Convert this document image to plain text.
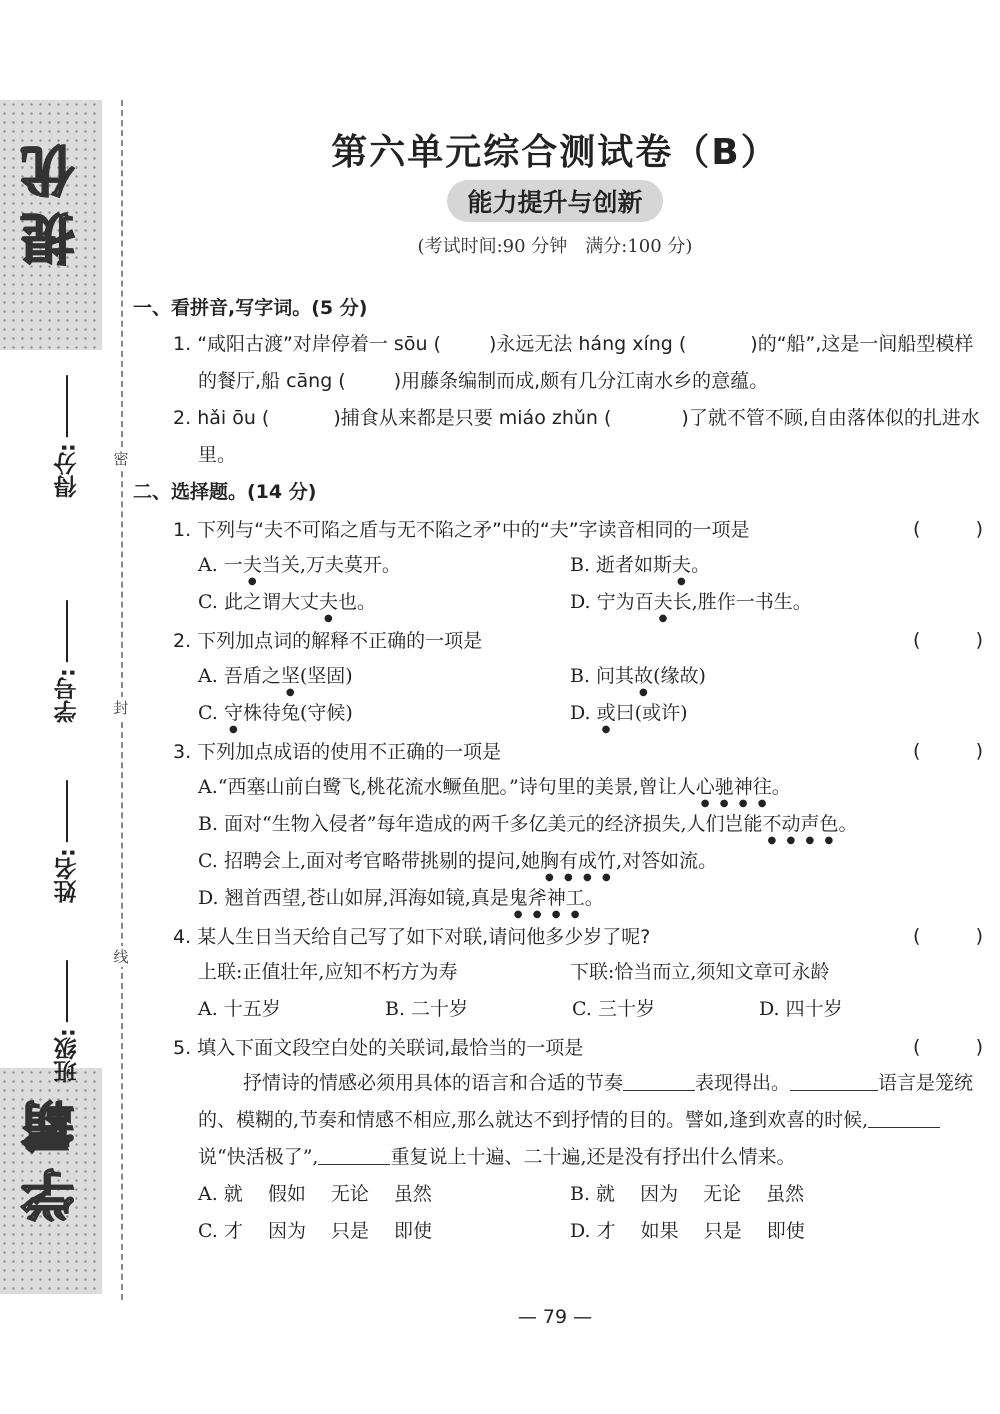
提优
学霸
得分:
学号:
姓名:
班级:
密
封
线
第六单元综合测试卷（B）
能力提升与创新
(考试时间:90 分钟　满分:100 分)
一、看拼音,写字词。(5 分)
1. “咸阳古渡”对岸停着一 sōu (	)永远无法 háng xíng (	)的“船”,这是一间船型模样的餐厅,船 cāng (	)用藤条编制而成,颇有几分江南水乡的意蕴。
2. hǎi ōu (	)捕食从来都是只要 miáo zhǔn (	)了就不管不顾,自由落体似的扎进水里。
二、选择题。(14 分)
1. 下列与“夫不可陷之盾与无不陷之矛”中的“夫”字读音相同的一项是	(	)
A. 一夫当关,万夫莫开。	B. 逝者如斯夫。
C. 此之谓大丈夫也。	D. 宁为百夫长,胜作一书生。
2. 下列加点词的解释不正确的一项是	(	)
A. 吾盾之坚(坚固)	B. 问其故(缘故)
C. 守株待兔(守候)	D. 或曰(或许)
3. 下列加点成语的使用不正确的一项是	(	)
A.“西塞山前白鹭飞,桃花流水鳜鱼肥。”诗句里的美景,曾让人心驰神往。
B. 面对“生物入侵者”每年造成的两千多亿美元的经济损失,人们岂能不动声色。
C. 招聘会上,面对考官略带挑剔的提问,她胸有成竹,对答如流。
D. 翘首西望,苍山如屏,洱海如镜,真是鬼斧神工。
4. 某人生日当天给自己写了如下对联,请问他多少岁了呢?	(	)
上联:正值壮年,应知不朽方为寿	下联:恰当而立,须知文章可永龄
A. 十五岁	B. 二十岁	C. 三十岁	D. 四十岁
5. 填入下面文段空白处的关联词,最恰当的一项是	(	)
抒情诗的情感必须用具体的语言和合适的节奏	表现得出。	语言是笼统的、模糊的,节奏和情感不相应,那么就达不到抒情的目的。譬如,逢到欢喜的时候,说“快活极了”,	重复说上十遍、二十遍,还是没有抒出什么情来。
A. 就　 假如　 无论　 虽然	B. 就　 因为　 无论　 虽然
C. 才　 因为　 只是　 即使	D. 才　 如果　 只是　 即使
— 79 —
